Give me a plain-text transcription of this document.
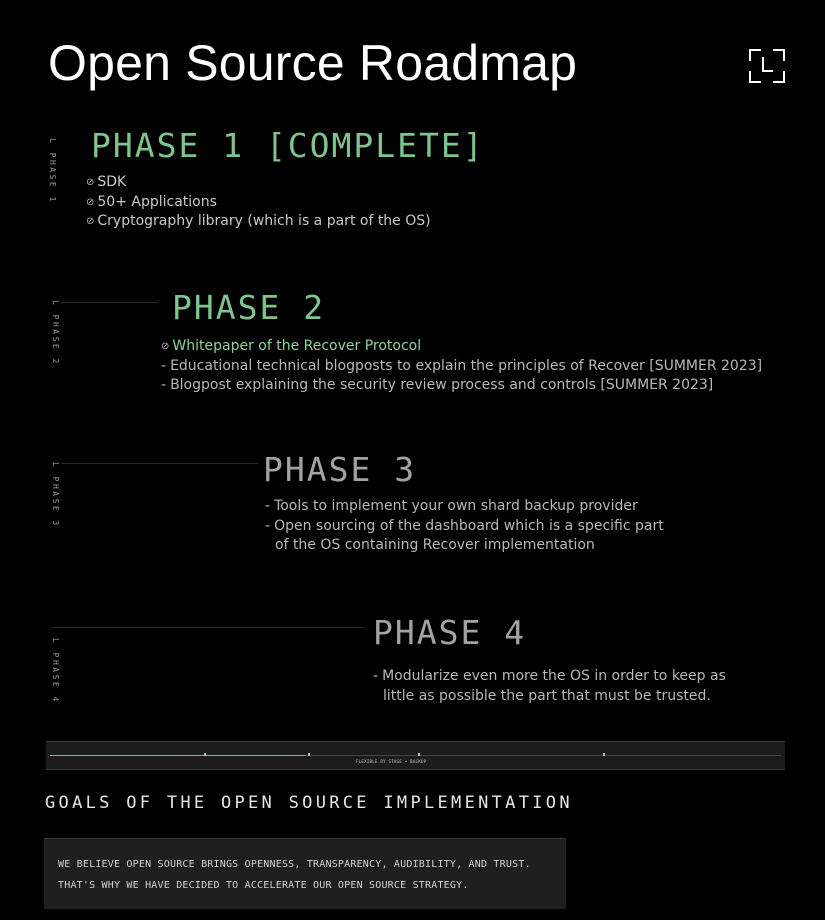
Open Source Roadmap
L PHASE 1 PHASE 1 [COMPLETE]
⊘ SDK
⊘ 50+ Applications
⊘ Cryptography library (which is a part of the OS)
L PHASE 2	PHASE 2
⊘ Whitepaper of the Recover Protocol
- Educational technical blogposts to explain the principles of Recover [SUMMER 2023]
- Blogpost explaining the security review process and controls [SUMMER 2023]
L PHASE 3	PHASE 3
- Tools to implement your own shard backup provider
- Open sourcing of the dashboard which is a specific part
of the OS containing Recover implementation
L PHASE 4
PHASE 4
- Modularize even more the OS in order to keep as
little as possible the part that must be trusted.
FLEXIBLE BY STAGE • BACKUP
GOALS OF THE OPEN SOURCE IMPLEMENTATION

WE BELIEVE OPEN SOURCE BRINGS OPENNESS, TRANSPARENCY, AUDIBILITY, AND TRUST.

THAT'S WHY WE HAVE DECIDED TO ACCELERATE OUR OPEN SOURCE STRATEGY.
